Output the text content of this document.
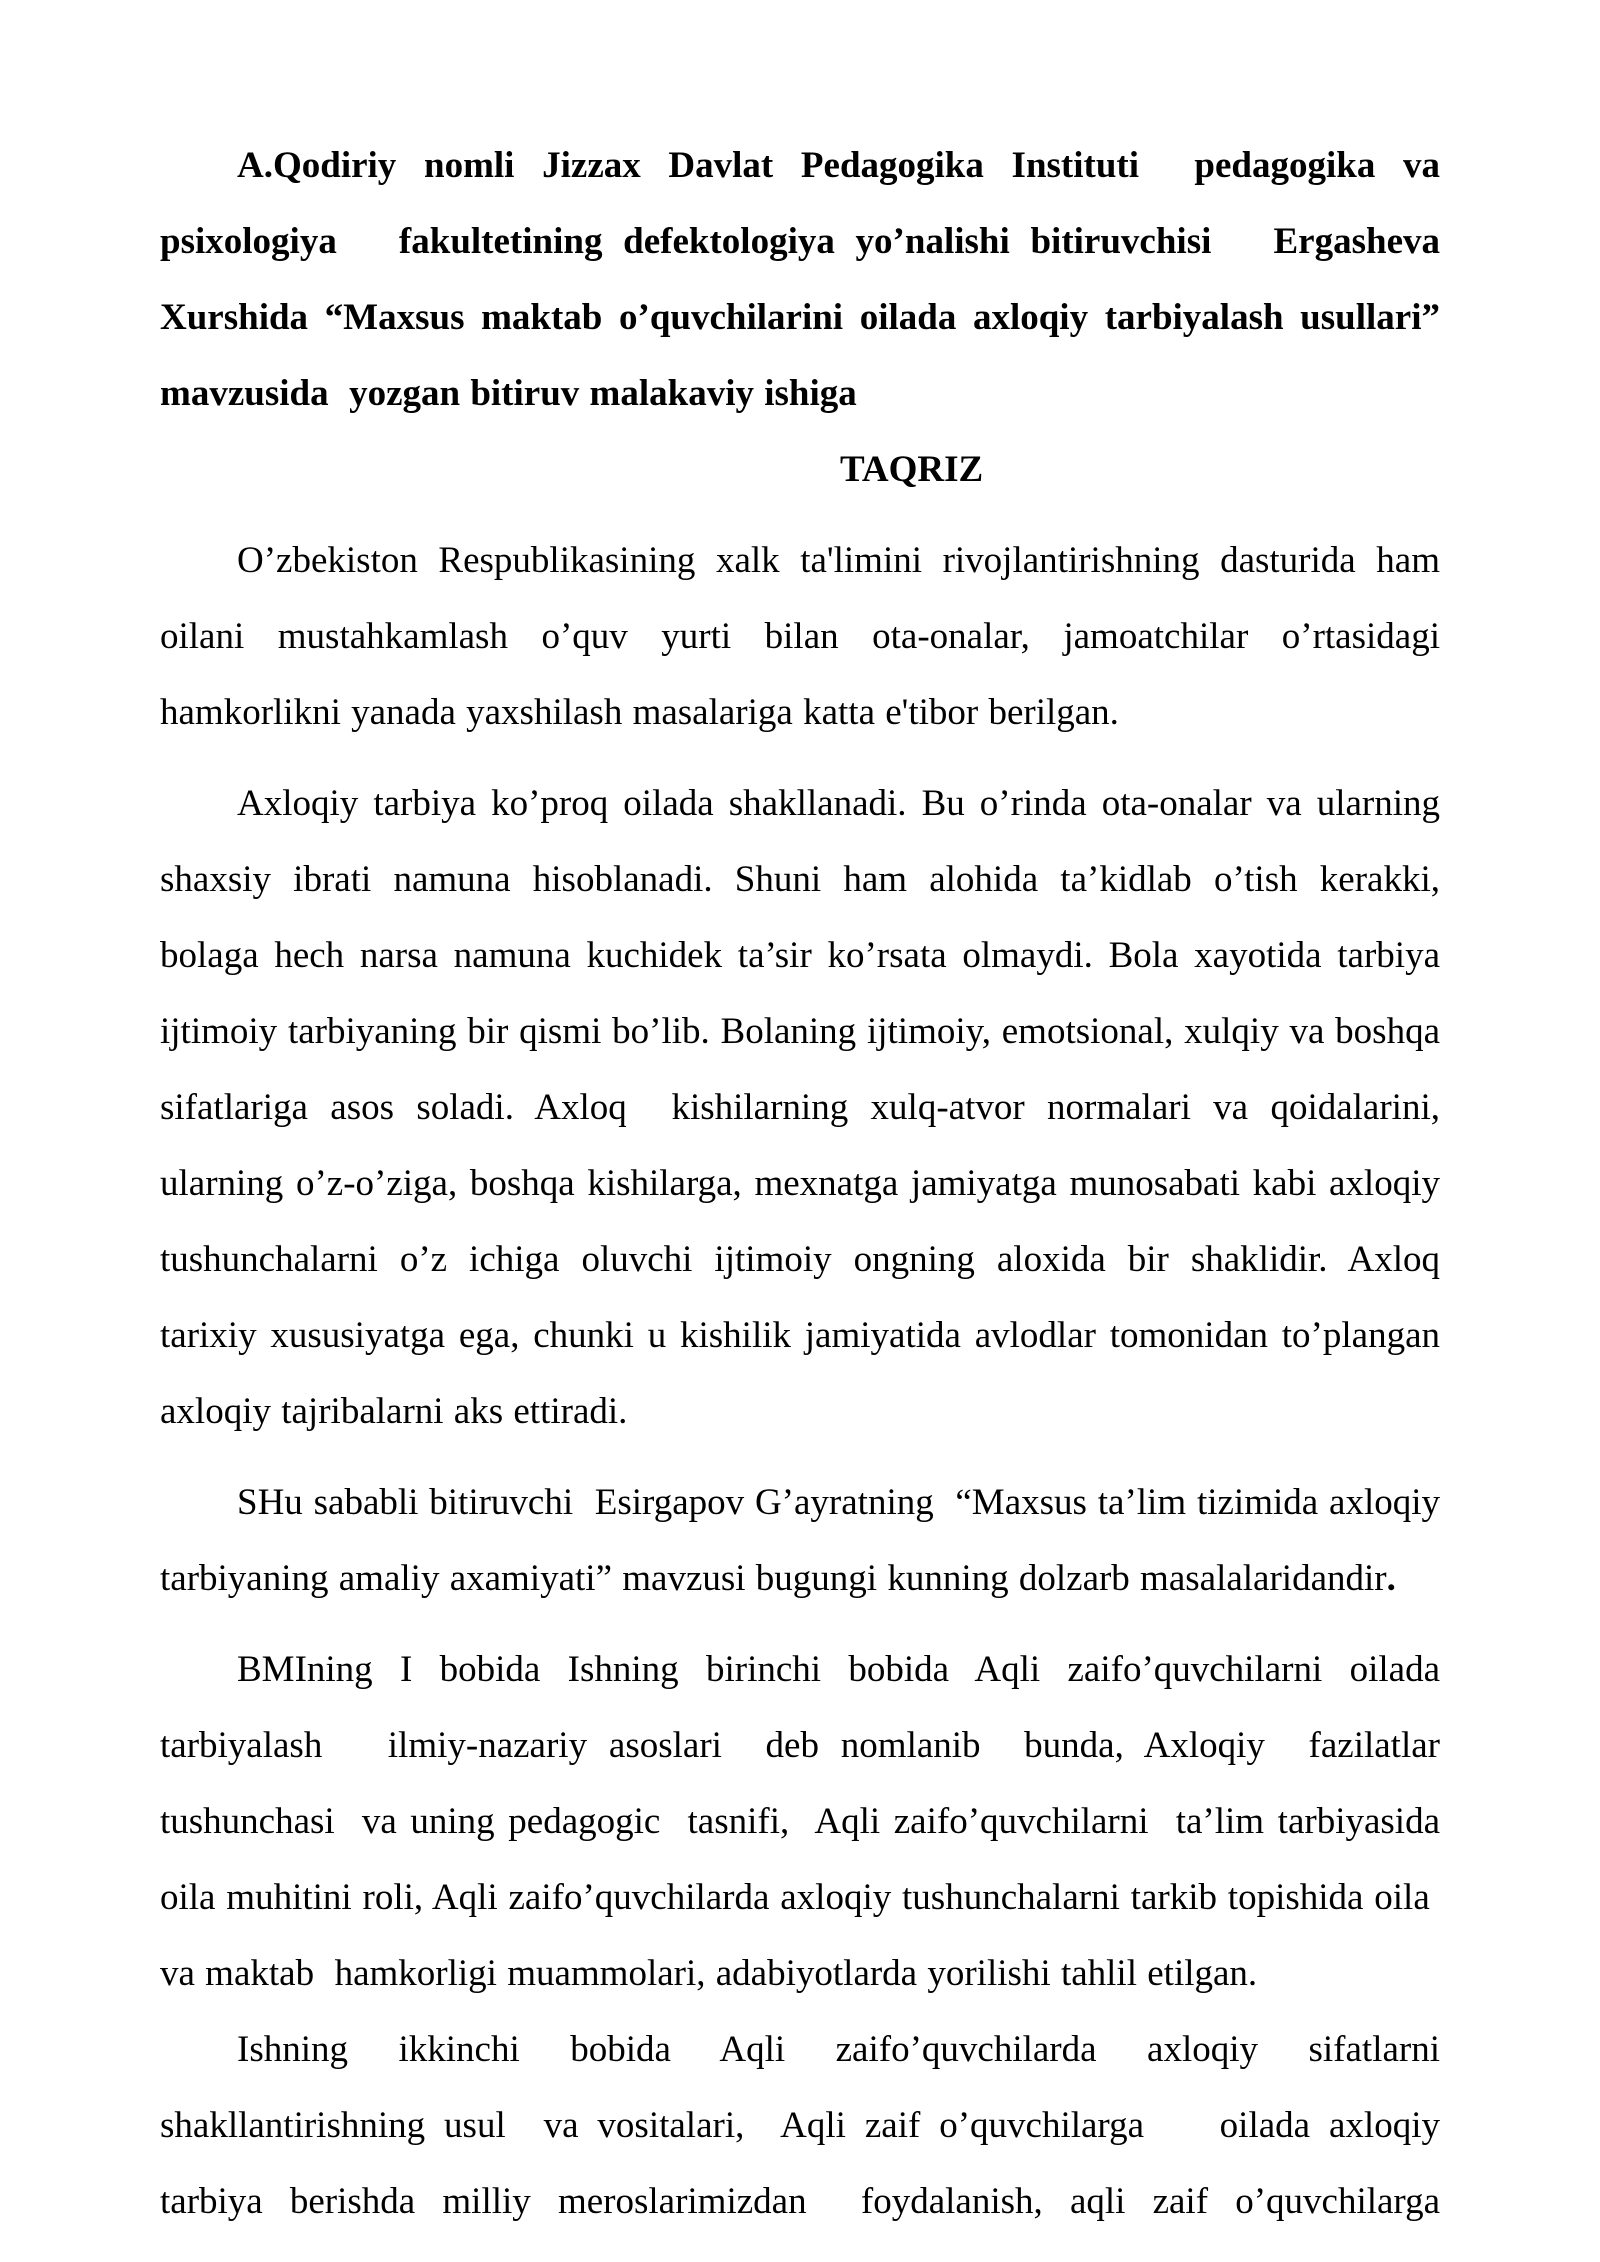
A.Qodiriy nomli Jizzax Davlat Pedagogika Instituti  pedagogika va psixologiya   fakultetining defektologiya yo’nalishi bitiruvchisi   Ergasheva Xurshida “Maxsus maktab o’quvchilarini oilada axloqiy tarbiyalash usullari” mavzusida  yozgan bitiruv malakaviy ishiga

TAQRIZ

O’zbekiston Respublikasining xalk ta'limini rivojlantirishning dasturida ham oilani mustahkamlash o’quv yurti bilan ota-onalar, jamoatchilar o’rtasidagi hamkorlikni yanada yaxshilash masalariga katta e'tibor berilgan.

Axloqiy tarbiya ko’proq oilada shakllanadi. Bu o’rinda ota-onalar va ularning shaxsiy ibrati namuna hisoblanadi. Shuni ham alohida ta’kidlab o’tish kerakki, bolaga hech narsa namuna kuchidek ta’sir ko’rsata olmaydi. Bola xayotida tarbiya ijtimoiy tarbiyaning bir qismi bo’lib. Bolaning ijtimoiy, emotsional, xulqiy va boshqa sifatlariga asos soladi. Axloq  kishilarning xulq-atvor normalari va qoidalarini, ularning o’z-o’ziga, boshqa kishilarga, mexnatga jamiyatga munosabati kabi axloqiy tushunchalarni o’z ichiga oluvchi ijtimoiy ongning aloxida bir shaklidir. Axloq tarixiy xususiyatga ega, chunki u kishilik jamiyatida avlodlar tomonidan to’plangan axloqiy tajribalarni aks ettiradi.

SHu sababli bitiruvchi  Esirgapov G’ayratning  “Maxsus ta’lim tizimida axloqiy tarbiyaning amaliy axamiyati” mavzusi bugungi kunning dolzarb masalalaridandir.

BMIning I bobida Ishning birinchi bobida Aqli zaifo’quvchilarni oilada tarbiyalash   ilmiy-nazariy asoslari  deb nomlanib  bunda, Axloqiy  fazilatlar tushunchasi  va uning pedagogic  tasnifi,  Aqli zaifo’quvchilarni  ta’lim tarbiyasida oila muhitini roli, Aqli zaifo’quvchilarda axloqiy tushunchalarni tarkib topishida oila  va maktab  hamkorligi muammolari, adabiyotlarda yorilishi tahlil etilgan.

Ishning ikkinchi bobida Aqli zaifo’quvchilarda axloqiy sifatlarni shakllantirishning usul  va vositalari,  Aqli zaif o’quvchilarga    oilada axloqiy tarbiya berishda milliy meroslarimizdan  foydalanish, aqli zaif o’quvchilarga
